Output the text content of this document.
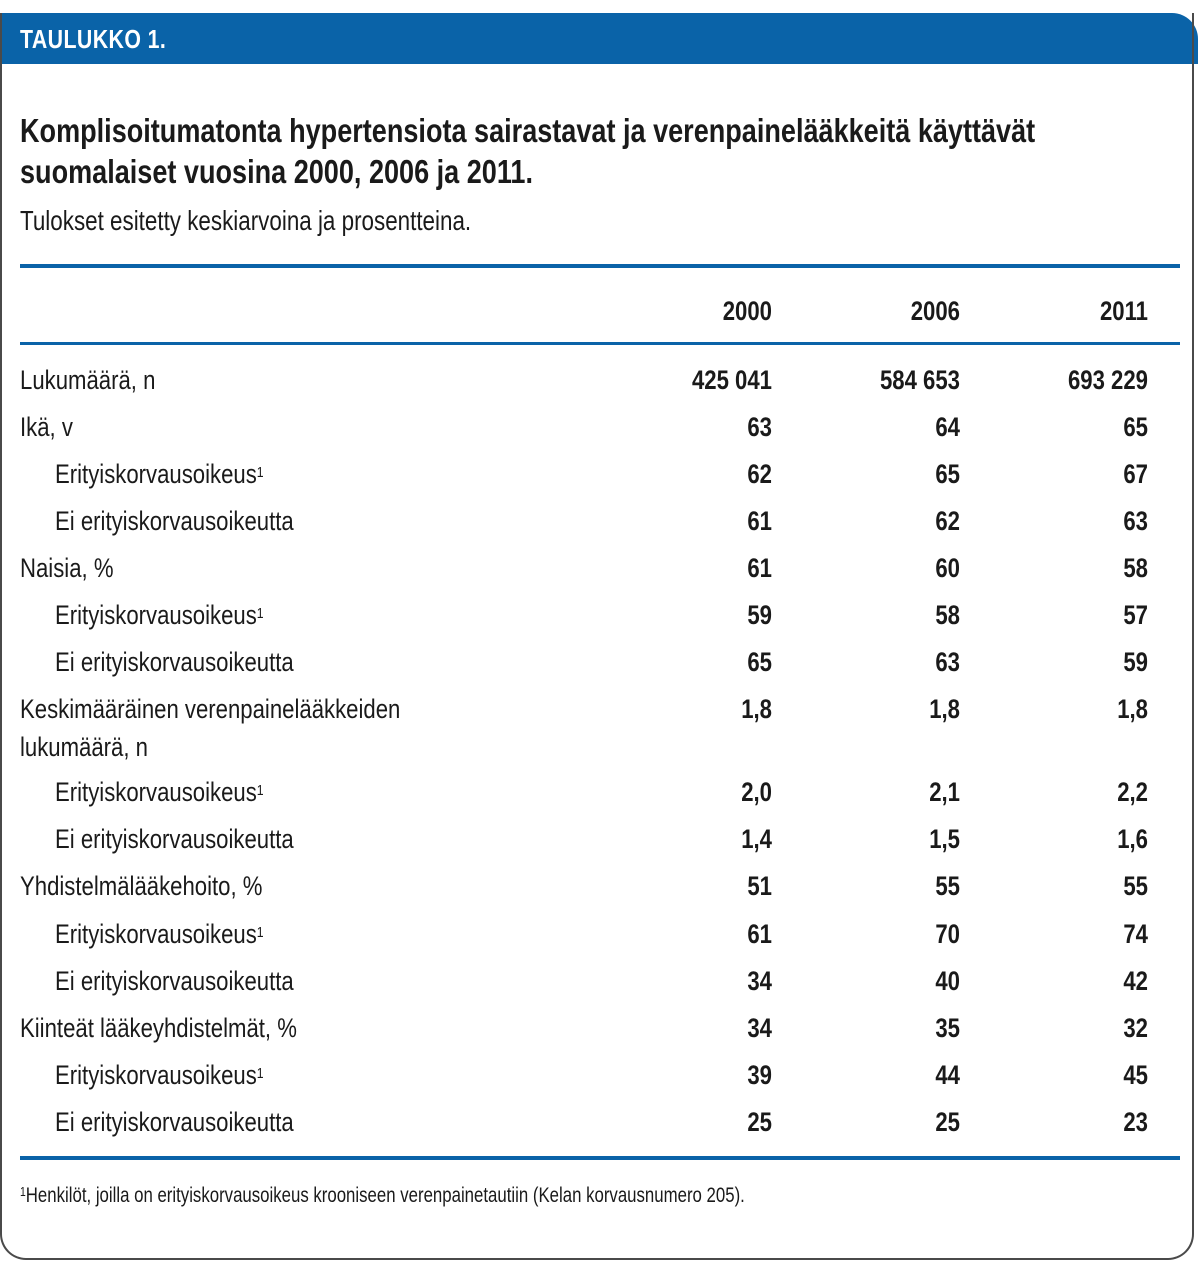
TAULUKKO 1.
Komplisoitumatonta hypertensiota sairastavat ja verenpainelääkkeitä käyttävät suomalaiset vuosina 2000, 2006 ja 2011.
Tulokset esitetty keskiarvoina ja prosentteina.
2000	2006	2011
Lukumäärä, n	425 041	584 653	693 229
Ikä, v	63	64	65
Erityiskorvausoikeus$^1$	62	65	67
Ei erityiskorvausoikeutta	61	62	63
Naisia, %	61	60	58
Erityiskorvausoikeus$^1$	59	58	57
Ei erityiskorvausoikeutta	65	63	59
Keskimääräinen verenpainelääkkeiden	1,8	1,8	1,8
lukumäärä, n
Erityiskorvausoikeus$^1$	2,0	2,1	2,2
Ei erityiskorvausoikeutta	1,4	1,5	1,6
Yhdistelmälääkehoito, %	51	55	55
Erityiskorvausoikeus$^1$	61	70	74
Ei erityiskorvausoikeutta	34	40	42
Kiinteät lääkeyhdistelmät, %	34	35	32
Erityiskorvausoikeus$^1$	39	44	45
Ei erityiskorvausoikeutta	25	25	23
$^1$Henkilöt, joilla on erityiskorvausoikeus krooniseen verenpainetautiin (Kelan korvausnumero 205).
